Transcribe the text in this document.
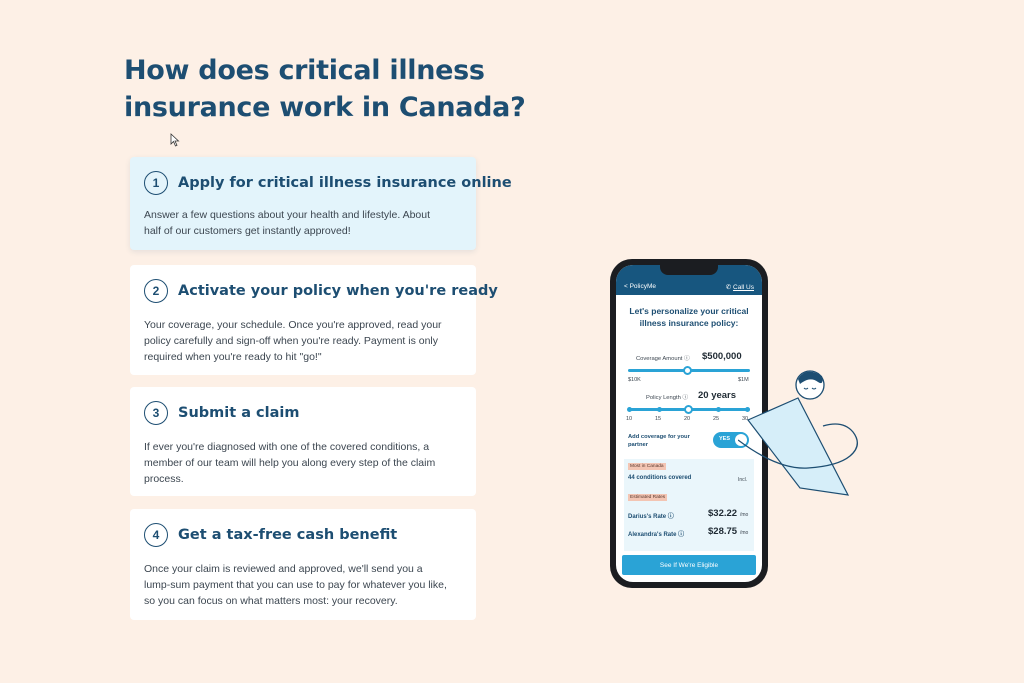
How does critical illness insurance work in Canada?
1	Apply for critical illness insurance online
Answer a few questions about your health and lifestyle. About half of our customers get instantly approved!
2	Activate your policy when you're ready
Your coverage, your schedule. Once you're approved, read your policy carefully and sign-off when you're ready. Payment is only required when you're ready to hit "go!"
3	Submit a claim
If ever you're diagnosed with one of the covered conditions, a member of our team will help you along every step of the claim process.
4	Get a tax-free cash benefit
Once your claim is reviewed and approved, we'll send you a lump-sum payment that you can use to pay for whatever you like, so you can focus on what matters most: your recovery.
< PolicyMe	✆ Call Us
Let's personalize your critical illness insurance policy:
Coverage Amount ⓘ $500,000
$10K	$1M
Policy Length ⓘ 20 years
10	15	20	25	30
Add coverage for your partner
YES
Most in Canada
44 conditions covered	Incl.
Estimated Rates
Darius's Rate ⓘ	$32.22 /mo
Alexandra's Rate ⓘ	$28.75 /mo
See If We're Eligible
